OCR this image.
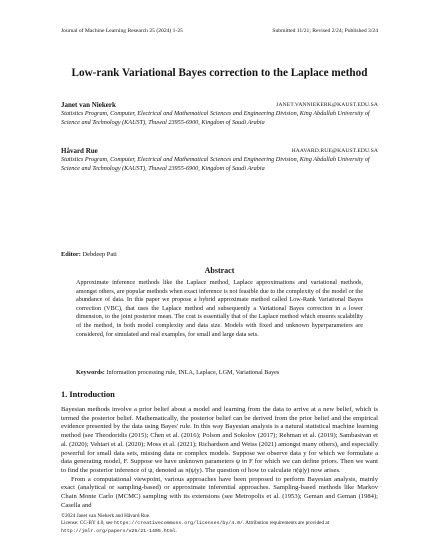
Journal of Machine Learning Research 25 (2024) 1-25	Submitted 11/21; Revised 2/24; Published 3/24
Low-rank Variational Bayes correction to the Laplace method
Janet van Niekerk	JANET.VANNIEKERK@KAUST.EDU.SA
Statistics Program, Computer, Electrical and Mathematical Sciences and Engineering Division, King Abdullah University of Science and Technology (KAUST), Thuwal 23955-6900, Kingdom of Saudi Arabia
Håvard Rue	HAAVARD.RUE@KAUST.EDU.SA
Statistics Program, Computer, Electrical and Mathematical Sciences and Engineering Division, King Abdullah University of Science and Technology (KAUST), Thuwal 23955-6900, Kingdom of Saudi Arabia
Editor: Debdeep Pati
Abstract
Approximate inference methods like the Laplace method, Laplace approximations and variational methods, amongst others, are popular methods when exact inference is not feasible due to the complexity of the model or the abundance of data. In this paper we propose a hybrid approximate method called Low-Rank Variational Bayes correction (VBC), that uses the Laplace method and subsequently a Variational Bayes correction in a lower dimension, to the joint posterior mean. The cost is essentially that of the Laplace method which ensures scalability of the method, in both model complexity and data size. Models with fixed and unknown hyperparameters are considered, for simulated and real examples, for small and large data sets.
Keywords: Information processing rule, INLA, Laplace, LGM, Variational Bayes
1. Introduction

Bayesian methods involve a prior belief about a model and learning from the data to arrive at a new belief, which is termed the posterior belief. Mathematically, the posterior belief can be derived from the prior belief and the empirical evidence presented by the data using Bayes' rule. In this way Bayesian analysis is a natural statistical machine learning method (see Theodoridis (2015); Chen et al. (2016); Polson and Sokolov (2017); Rehman et al. (2019); Sambasivan et al. (2020); Vehtari et al. (2020); Moss et al. (2021); Richardson and Weiss (2021) amongst many others), and especially powerful for small data sets, missing data or complex models. Suppose we observe data y for which we formulate a data generating model, F. Suppose we have unknown parameters ψ in F for which we can define priors. Then we want to find the posterior inference of ψ, denoted as π(ψ|y). The question of how to calculate π(ψ|y) now arises.

From a computational viewpoint, various approaches have been proposed to perform Bayesian analysis, mainly exact (analytical or sampling-based) or approximate inferential approaches. Sampling-based methods like Markov Chain Monte Carlo (MCMC) sampling with its extensions (see Metropolis et al. (1953); Geman and Geman (1984); Casella and

©2024 Janet van Niekerk and Håvard Rue.
License: CC-BY 4.0, see https://creativecommons.org/licenses/by/4.0/. Attribution requirements are provided at http://jmlr.org/papers/v25/21-1405.html.
